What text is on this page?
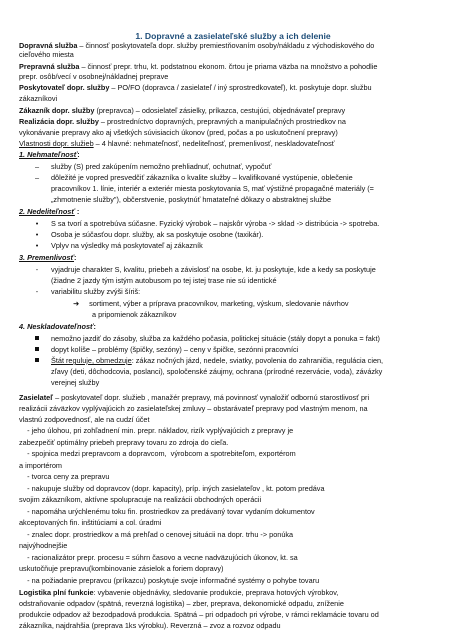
1. Dopravné a zasielateľské služby a ich delenie
Dopravná služba – činnosť poskytovateľa dopr. služby premiestňovaním osoby/nákladu z východiskového do
cieľového miesta
Prepravná služba – činnosť prepr. trhu, kt. podstatnou ekonom. črtou je priama väzba na množstvo a pohodlie
prepr. osôb/vecí v osobnej/nákladnej preprave
Poskytovateľ dopr. služby – PO/FO (dopravca / zasielateľ / iný sprostredkovateľ), kt. poskytuje dopr. službu
zákazníkovi
Zákazník dopr. služby (prepravca) – odosielateľ zásielky, príkazca, cestujúci, objednávateľ prepravy
Realizácia dopr. služby – prostredníctvo dopravných, prepravných a manipulačných prostriedkov na
vykonávanie prepravy ako aj všetkých súvisiacich úkonov (pred, počas a po uskutočnení prepravy)
Vlastnosti dopr. služieb – 4 hlavné: nehmateľnosť, nedeliteľnosť, premenlivosť, neskladovateľnosť
1. Nehmateľnosť:
– služby (S) pred zakúpením nemožno prehliadnuť, ochutnať, vypočuť
– dôležité je vopred presvedčiť zákazníka o kvalite služby – kvalifikované vystúpenie, oblečenie
pracovníkov 1. línie, interiér a exteriér miesta poskytovania S, mať výstižné propagačné materiály (=
„zhmotnenie služby"), občerstvenie, poskytnúť hmatateľné dôkazy o abstraktnej službe
2. Nedeliteľnosť :
• S sa tvorí a spotrebúva súčasne. Fyzický výrobok – najskôr výroba -> sklad -> distribúcia -> spotreba.
• Osoba je súčasťou dopr. služby, ak sa poskytuje osobne (taxikár).
• Vplyv na výsledky má poskytovateľ aj zákazník
3. Premenlivosť:
- vyjadruje charakter S, kvalitu, priebeh a závislosť na osobe, kt. ju poskytuje, kde a kedy sa poskytuje
(žiadne 2 jazdy tým istým autobusom po tej istej trase nie sú identické
- variabilitu služby zvýši šíriš:
➜ sortiment, výber a príprava pracovníkov, marketing, výskum, sledovanie návrhov
a pripomienok zákazníkov
4. Neskladovateľnosť:
nemožno jazdiť do zásoby, služba za každého počasia, politickej situácie (stály dopyt a ponuka = fakt)
dopyt kolíše – problémy (špičky, sezóny) – ceny v špičke, sezónni pracovníci
Štát reguluje, obmedzuje: zákaz nočných jázd, nedele, sviatky, povolenia do zahraničia, regulácia cien,
zľavy (deti, dôchodcovia, poslanci), spoločenské záujmy, ochrana (prírodné rezervácie, voda), závázky
verejnej služby
Zasielateľ – poskytovateľ dopr. služieb , manažér prepravy, má povinnosť vynaložiť odbornú starostlivosť pri
realizácii záväzkov vyplývajúcich zo zasielateľskej zmluvy – obstarávateľ prepravy pod vlastným menom, na
vlastnú zodpovednosť, ale na cudzí účet
- jeho úlohou, pri zohľadnení min. prepr. nákladov, rizík vyplývajúcich z prepravy je
zabezpečiť optimálny priebeh prepravy tovaru zo zdroja do cieľa.
- spojnica medzi prepravcom a dopravcom,  výrobcom a spotrebiteľom, exportérom
a importérom
- tvorca ceny za prepravu
- nakupuje služby od dopravcov (dopr. kapacity), príp. iných zasielateľov , kt. potom predáva
svojim zákazníkom, aktívne spolupracuje na realizácii obchodných operácii
- napomáha urýchlenému toku fin. prostriedkov za predávaný tovar vydaním dokumentov
akceptovaných fin. inštitúciami a col. úradmi
- znalec dopr. prostriedkov a má prehľad o cenovej situácii na dopr. trhu -> ponúka
najvýhodnejšie
- racionalizátor prepr. procesu = súhrn časovo a vecne nadväzujúcich úkonov, kt. sa
uskutočňuje prepravu(kombinovanie zásielok a foriem dopravy)
- na požiadanie prepravcu (príkazcu) poskytuje svoje informačné systémy o pohybe tovaru
Logistika plní funkcie: vybavenie objednávky, sledovanie produkcie, preprava hotových výrobkov,
odstraňovanie odpadov (spätná, reverzná logistika) – zber, preprava, dekonomické odpadu, zníženie
produkcie odpadov až bezodpadová produkcia. Spätná – pri odpadoch pri výrobe, v rámci reklamácie tovaru od
zákazníka, najdrahšia (preprava 1ks výrobku). Reverzná – zvoz a rozvoz odpadu
